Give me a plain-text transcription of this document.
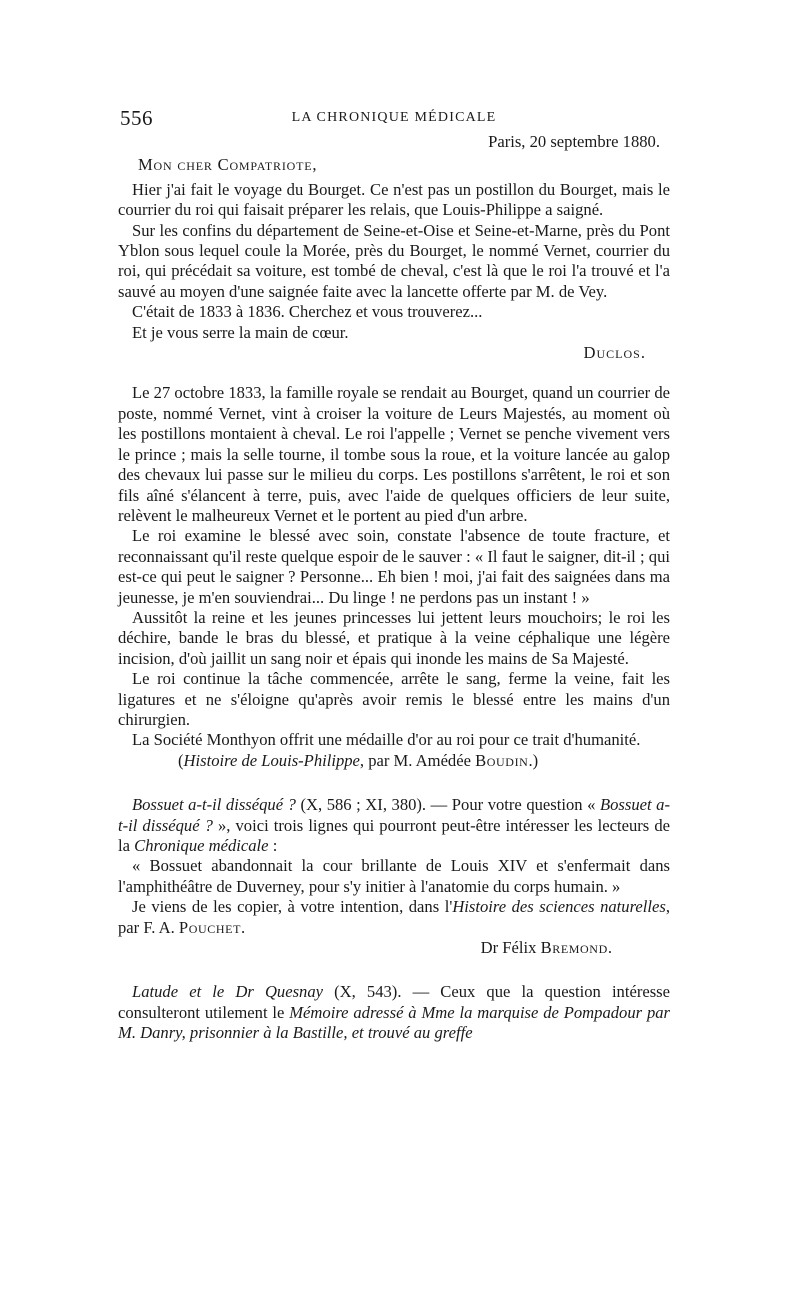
556	LA CHRONIQUE MÉDICALE

Paris, 20 septembre 1880.

Mon cher Compatriote,

Hier j'ai fait le voyage du Bourget. Ce n'est pas un postillon du Bourget, mais le courrier du roi qui faisait préparer les relais, que Louis-Philippe a saigné.

Sur les confins du département de Seine-et-Oise et Seine-et-Marne, près du Pont Yblon sous lequel coule la Morée, près du Bourget, le nommé Vernet, courrier du roi, qui précédait sa voiture, est tombé de cheval, c'est là que le roi l'a trouvé et l'a sauvé au moyen d'une saignée faite avec la lancette offerte par M. de Vey.

C'était de 1833 à 1836. Cherchez et vous trouverez...

Et je vous serre la main de cœur.

Duclos.

Le 27 octobre 1833, la famille royale se rendait au Bourget, quand un courrier de poste, nommé Vernet, vint à croiser la voiture de Leurs Majestés, au moment où les postillons montaient à cheval. Le roi l'appelle ; Vernet se penche vivement vers le prince ; mais la selle tourne, il tombe sous la roue, et la voiture lancée au galop des chevaux lui passe sur le milieu du corps. Les postillons s'arrêtent, le roi et son fils aîné s'élancent à terre, puis, avec l'aide de quelques officiers de leur suite, relèvent le malheureux Vernet et le portent au pied d'un arbre.

Le roi examine le blessé avec soin, constate l'absence de toute fracture, et reconnaissant qu'il reste quelque espoir de le sauver : « Il faut le saigner, dit-il ; qui est-ce qui peut le saigner ? Personne... Eh bien ! moi, j'ai fait des saignées dans ma jeunesse, je m'en souviendrai... Du linge ! ne perdons pas un instant ! »

Aussitôt la reine et les jeunes princesses lui jettent leurs mouchoirs; le roi les déchire, bande le bras du blessé, et pratique à la veine céphalique une légère incision, d'où jaillit un sang noir et épais qui inonde les mains de Sa Majesté.

Le roi continue la tâche commencée, arrête le sang, ferme la veine, fait les ligatures et ne s'éloigne qu'après avoir remis le blessé entre les mains d'un chirurgien.

La Société Monthyon offrit une médaille d'or au roi pour ce trait d'humanité.

(Histoire de Louis-Philippe, par M. Amédée Boudin.)

Bossuet a-t-il disséqué ? (X, 586 ; XI, 380). — Pour votre question « Bossuet a-t-il disséqué ? », voici trois lignes qui pourront peut-être intéresser les lecteurs de la Chronique médicale :

« Bossuet abandonnait la cour brillante de Louis XIV et s'enfermait dans l'amphithéâtre de Duverney, pour s'y initier à l'anatomie du corps humain. »

Je viens de les copier, à votre intention, dans l'Histoire des sciences naturelles, par F. A. Pouchet.

Dr Félix Bremond.

Latude et le Dr Quesnay (X, 543). — Ceux que la question intéresse consulteront utilement le Mémoire adressé à Mme la marquise de Pompadour par M. Danry, prisonnier à la Bastille, et trouvé au greffe
